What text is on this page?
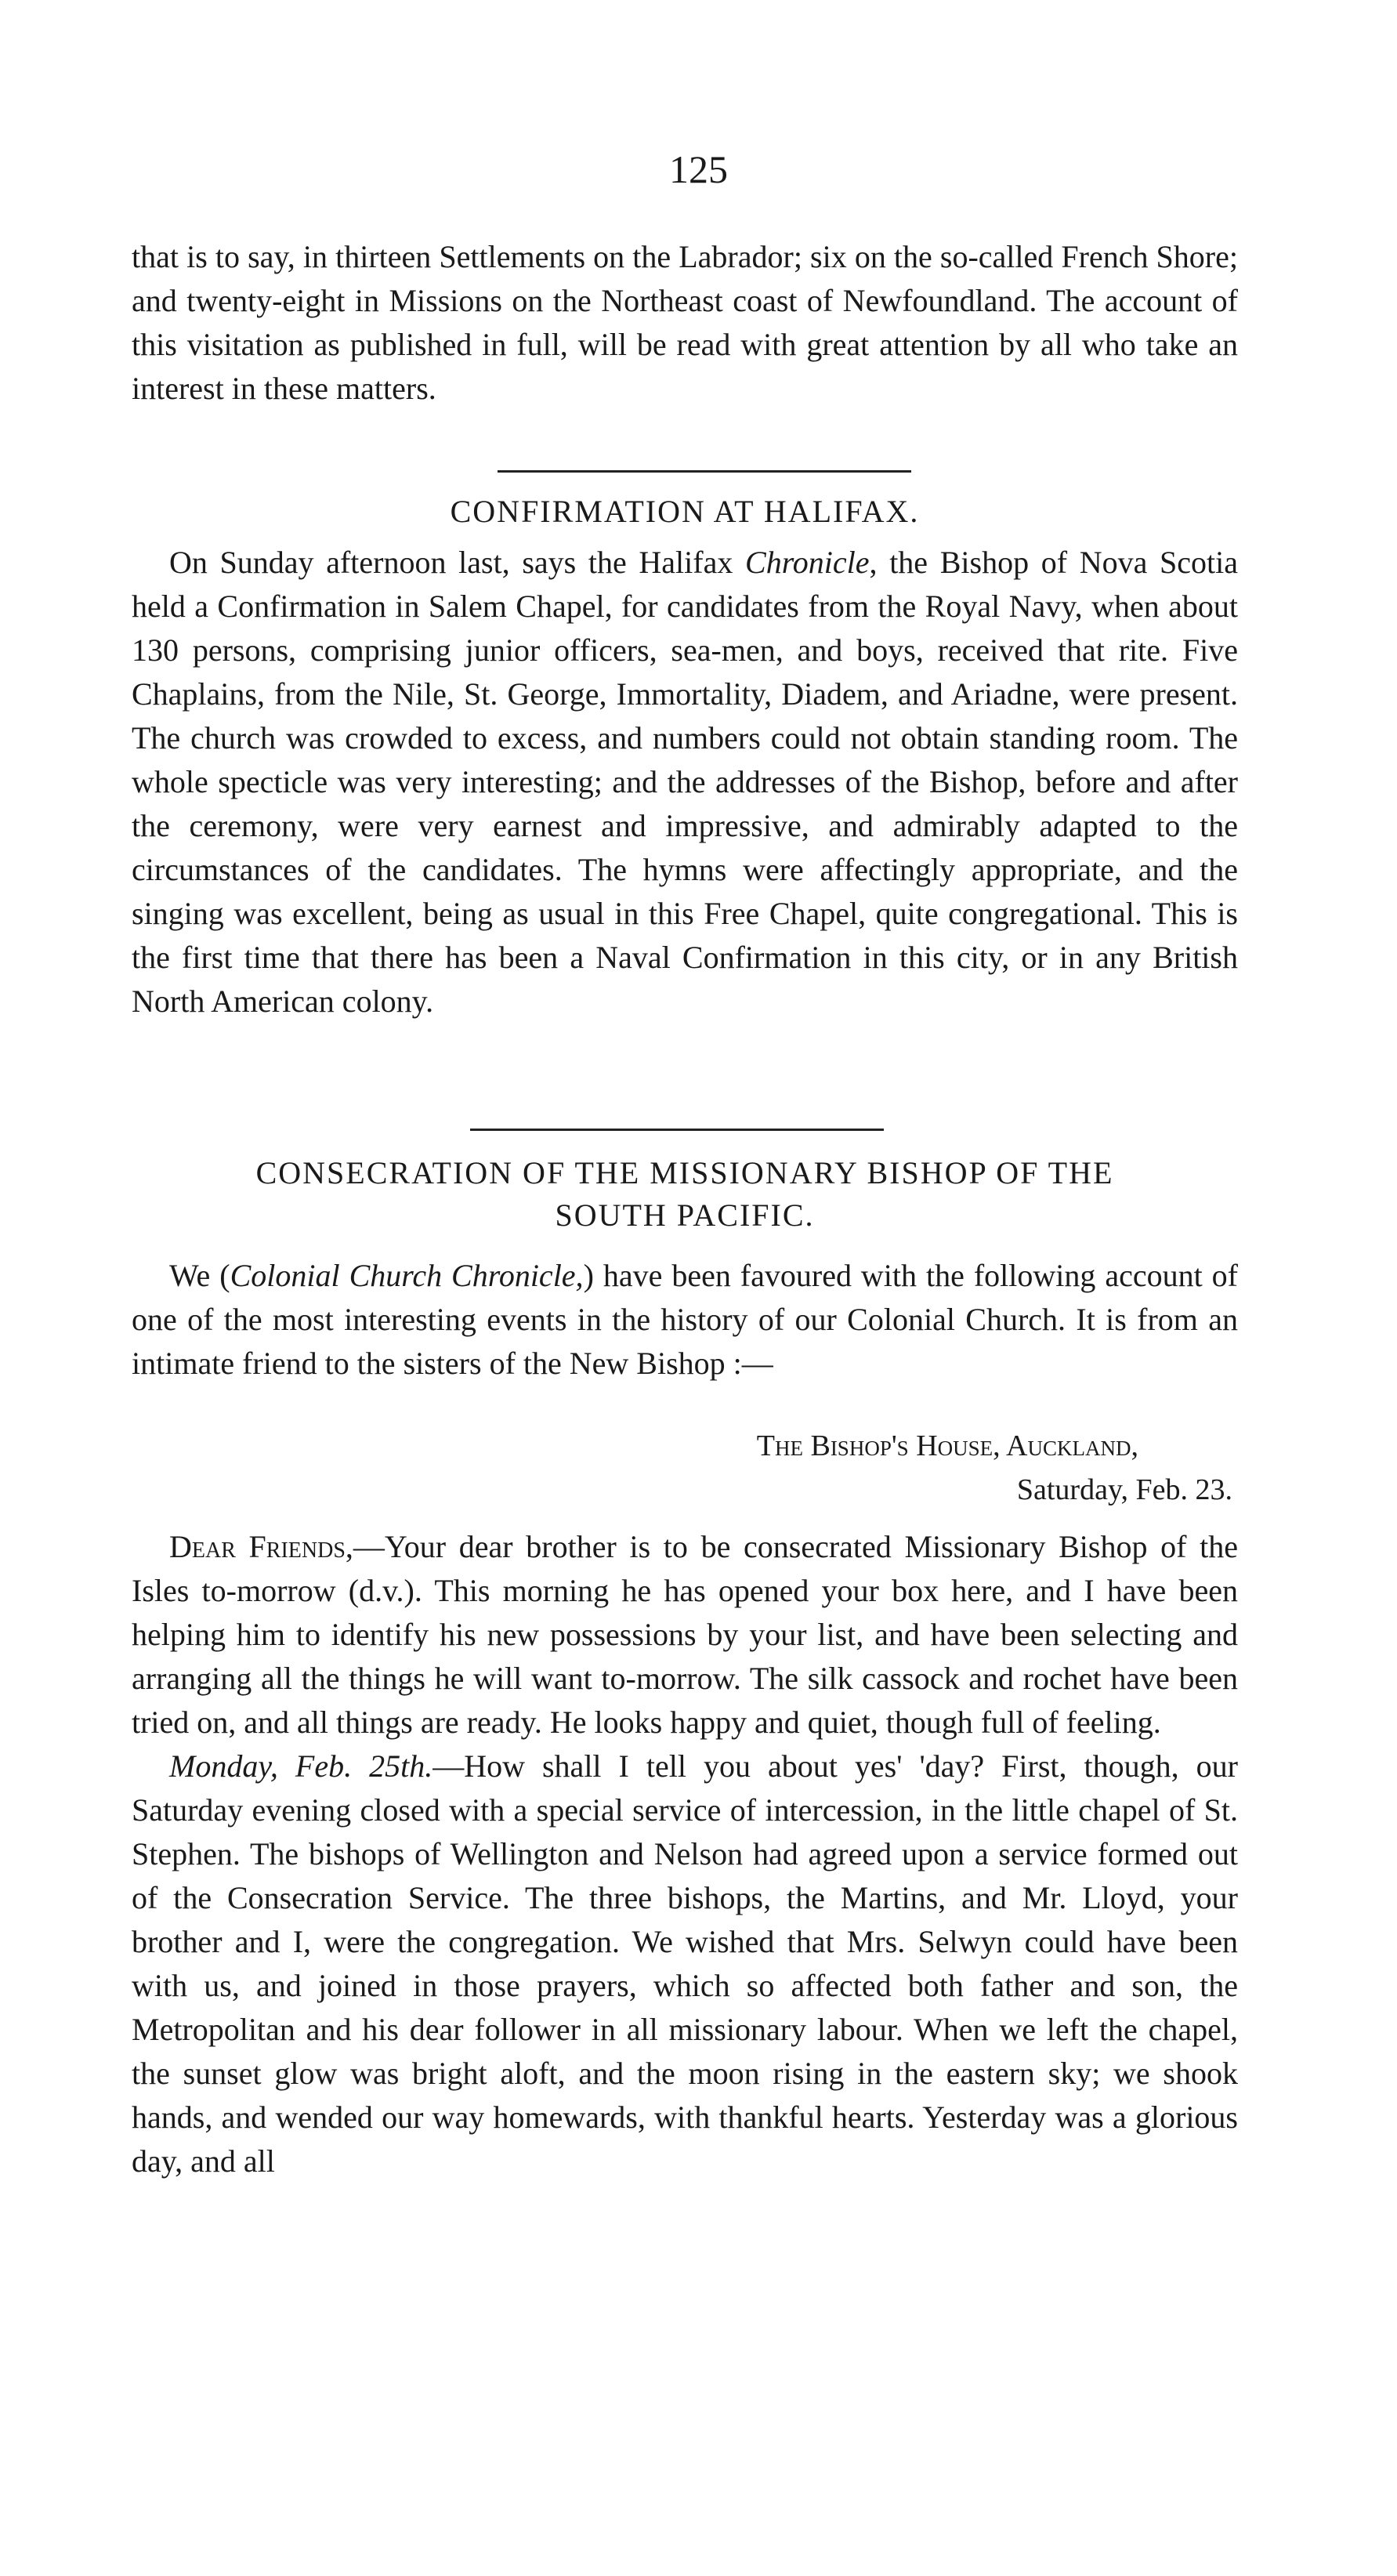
125

that is to say, in thirteen Settlements on the Labrador; six on the so-called French Shore; and twenty-eight in Missions on the Northeast coast of Newfoundland. The account of this visitation as published in full, will be read with great attention by all who take an interest in these matters.

CONFIRMATION AT HALIFAX.

On Sunday afternoon last, says the Halifax Chronicle, the Bishop of Nova Scotia held a Confirmation in Salem Chapel, for candidates from the Royal Navy, when about 130 persons, comprising junior officers, sea-men, and boys, received that rite. Five Chaplains, from the Nile, St. George, Immortality, Diadem, and Ariadne, were present. The church was crowded to excess, and numbers could not obtain standing room. The whole specticle was very interesting; and the addresses of the Bishop, before and after the ceremony, were very earnest and impressive, and admirably adapted to the circumstances of the candidates. The hymns were affectingly appropriate, and the singing was excellent, being as usual in this Free Chapel, quite congregational. This is the first time that there has been a Naval Confirmation in this city, or in any British North American colony.

CONSECRATION OF THE MISSIONARY BISHOP OF THE
SOUTH PACIFIC.

We (Colonial Church Chronicle,) have been favoured with the following account of one of the most interesting events in the history of our Colonial Church. It is from an intimate friend to the sisters of the New Bishop :—

The Bishop's House, Auckland,
Saturday, Feb. 23.

Dear Friends,—Your dear brother is to be consecrated Missionary Bishop of the Isles to-morrow (d.v.). This morning he has opened your box here, and I have been helping him to identify his new possessions by your list, and have been selecting and arranging all the things he will want to-morrow. The silk cassock and rochet have been tried on, and all things are ready. He looks happy and quiet, though full of feeling.

Monday, Feb. 25th.—How shall I tell you about yes' 'day? First, though, our Saturday evening closed with a special service of intercession, in the little chapel of St. Stephen. The bishops of Wellington and Nelson had agreed upon a service formed out of the Consecration Service. The three bishops, the Martins, and Mr. Lloyd, your brother and I, were the congregation. We wished that Mrs. Selwyn could have been with us, and joined in those prayers, which so affected both father and son, the Metropolitan and his dear follower in all missionary labour. When we left the chapel, the sunset glow was bright aloft, and the moon rising in the eastern sky; we shook hands, and wended our way homewards, with thankful hearts. Yesterday was a glorious day, and all
